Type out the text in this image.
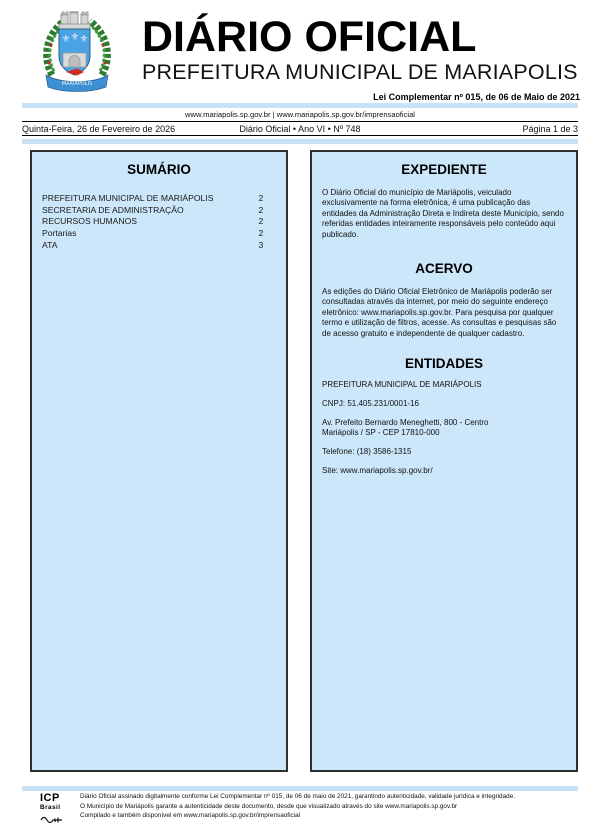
⚜ ⚜ ⚜
MARIÁPOLIS
DIÁRIO OFICIAL
PREFEITURA MUNICIPAL DE MARIAPOLIS
Lei Complementar nº 015, de 06 de Maio de 2021
www.mariapolis.sp.gov.br | www.mariapolis.sp.gov.br/imprensaoficial
Quinta-Feira, 26 de Fevereiro de 2026	Diário Oficial • Ano VI • Nº 748	Página 1 de 3
SUMÁRIO
PREFEITURA MUNICIPAL DE MARIÁPOLIS	2
SECRETARIA DE ADMINISTRAÇÃO	2
RECURSOS HUMANOS	2
Portarias	2
ATA	3
EXPEDIENTE

O Diário Oficial do município de Mariápolis, veiculado exclusivamente na forma eletrônica, é uma publicação das entidades da Administração Direta e Indireta deste Município, sendo referidas entidades inteiramente responsáveis pelo conteúdo aqui publicado.

ACERVO

As edições do Diário Oficial Eletrônico de Mariápolis poderão ser consultadas através da internet, por meio do seguinte endereço eletrônico: www.mariapolis.sp.gov.br. Para pesquisa por qualquer termo e utilização de filtros, acesse. As consultas e pesquisas são de acesso gratuito e independente de qualquer cadastro.

ENTIDADES
PREFEITURA MUNICIPAL DE MARIÁPOLIS
CNPJ: 51.405.231/0001-16
Av. Prefeito Bernardo Meneghetti, 800 - Centro
Mariápolis / SP - CEP 17810-000
Telefone: (18) 3586-1315
Site: www.mariapolis.sp.gov.br/
ICP
Brasil
Diário Oficial assinado digitalmente conforme Lei Complementar nº 015, de 06 de maio de 2021, garantindo autenticidade, validade jurídica e integridade.
O Município de Mariápolis garante a autenticidade deste documento, desde que visualizado através do site www.mariapolis.sp.gov.br
Compilado e também disponível em www.mariapolis.sp.gov.br/imprensaoficial
